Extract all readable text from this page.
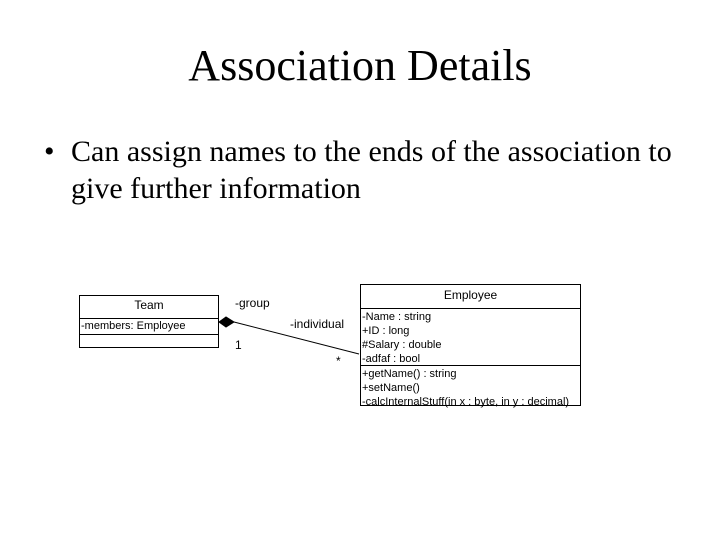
Association Details
• Can assign names to the ends of the association to give further information
Team
-members: Employee
Employee
-Name : string
+ID : long
#Salary : double
-adfaf : bool
+getName() : string
+setName()
-calcInternalStuff(in x : byte, in y : decimal)
-group
1
-individual
*
